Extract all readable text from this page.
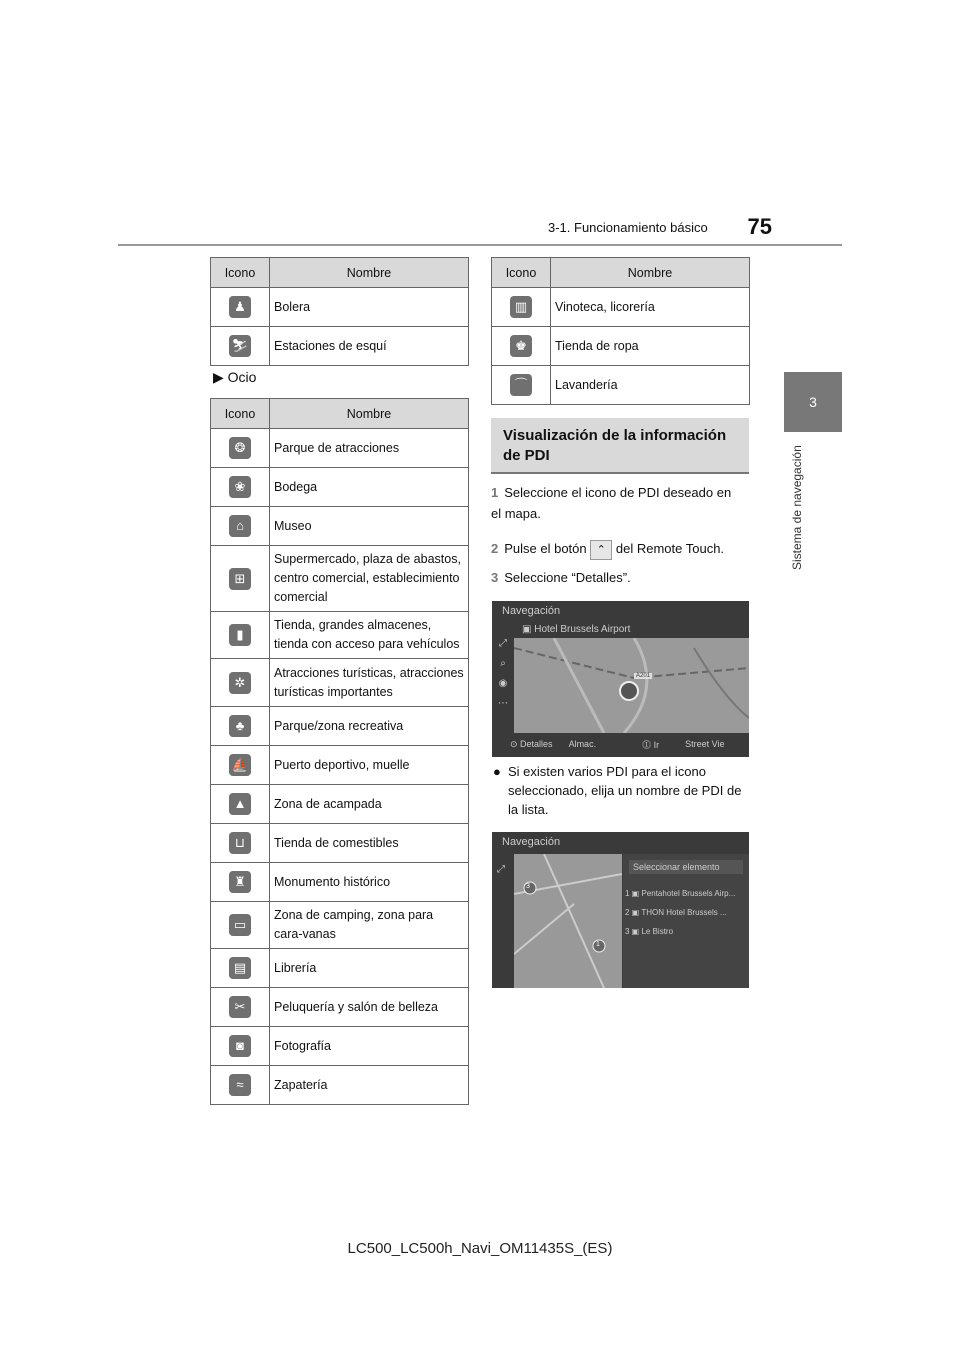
75
3-1. Funcionamiento básico
3
Sistema de navegación
Icono	Nombre
♟	Bolera
⛷	Estaciones de esquí
▶ Ocio
Icono	Nombre
❂	Parque de atracciones
❀	Bodega
⌂	Museo
⊞	Supermercado, plaza de abastos, centro comercial, establecimiento comercial
▮	Tienda, grandes almacenes, tienda con acceso para vehículos
✲	Atracciones turísticas, atracciones turísticas importantes
♣	Parque/zona recreativa
⛵	Puerto deportivo, muelle
▲	Zona de acampada
⊔	Tienda de comestibles
♜	Monumento histórico
▭	Zona de camping, zona para cara-vanas
▤	Librería
✂	Peluquería y salón de belleza
◙	Fotografía
≈	Zapatería
Icono	Nombre
▥	Vinoteca, licorería
♚	Tienda de ropa
⌒	Lavandería
Visualización de la información de PDI
1 Seleccione el icono de PDI deseado en el mapa.
2 Pulse el botón ⌃ del Remote Touch.
3 Seleccione “Detalles”.
Navegación
A201
▣ Hotel Brussels Airport
⤢
⌕
◉
⋯
⊙ Detalles Almac.	⓵ Ir	Street Vie
● Si existen varios PDI para el icono seleccionado, elija un nombre de PDI de la lista.
Navegación
3
1
⤢	Seleccionar elemento
1 ▣ Pentahotel Brussels Airp...
2 ▣ THON Hotel Brussels ...
3 ▣ Le Bistro
LC500_LC500h_Navi_OM11435S_(ES)
